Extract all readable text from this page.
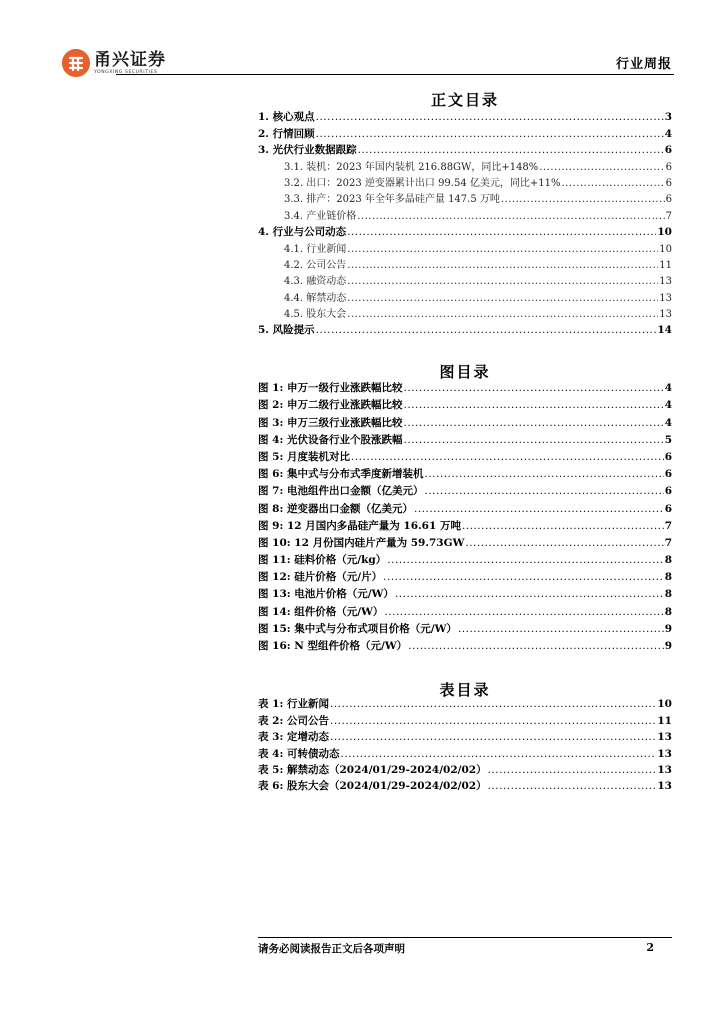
甬兴证券
YONGXING SECURITIES	行业周报
正文目录
1. 核心观点 .....	3
2. 行情回顾 .....	4
3. 光伏行业数据跟踪 .....	6
3.1. 装机：2023 年国内装机 216.88GW，同比+148% .....	6
3.2. 出口：2023 逆变器累计出口 99.54 亿美元，同比+11% .....	6
3.3. 排产：2023 年全年多晶硅产量 147.5 万吨 .....	6
3.4. 产业链价格 .....	7
4. 行业与公司动态 .....	10
4.1. 行业新闻 .....	10
4.2. 公司公告 .....	11
4.3. 融资动态 .....	13
4.4. 解禁动态 .....	13
4.5. 股东大会 .....	13
5. 风险提示 .....	14
图目录
图 1: 申万一级行业涨跌幅比较 .....	4
图 2: 申万二级行业涨跌幅比较 .....	4
图 3: 申万三级行业涨跌幅比较 .....	4
图 4: 光伏设备行业个股涨跌幅 .....	5
图 5: 月度装机对比 .....	6
图 6: 集中式与分布式季度新增装机 .....	6
图 7: 电池组件出口金额（亿美元） .....	6
图 8: 逆变器出口金额（亿美元） .....	6
图 9: 12 月国内多晶硅产量为 16.61 万吨 .....	7
图 10: 12 月份国内硅片产量为 59.73GW .....	7
图 11: 硅料价格（元/kg） .....	8
图 12: 硅片价格（元/片） .....	8
图 13: 电池片价格（元/W） .....	8
图 14: 组件价格（元/W） .....	8
图 15: 集中式与分布式项目价格（元/W） .....	9
图 16: N 型组件价格（元/W） .....	9
表目录
表 1: 行业新闻 .....	10
表 2: 公司公告 .....	11
表 3: 定增动态 .....	13
表 4: 可转债动态 .....	13
表 5: 解禁动态（2024/01/29-2024/02/02） .....	13
表 6: 股东大会（2024/01/29-2024/02/02） .....	13
请务必阅读报告正文后各项声明	2
